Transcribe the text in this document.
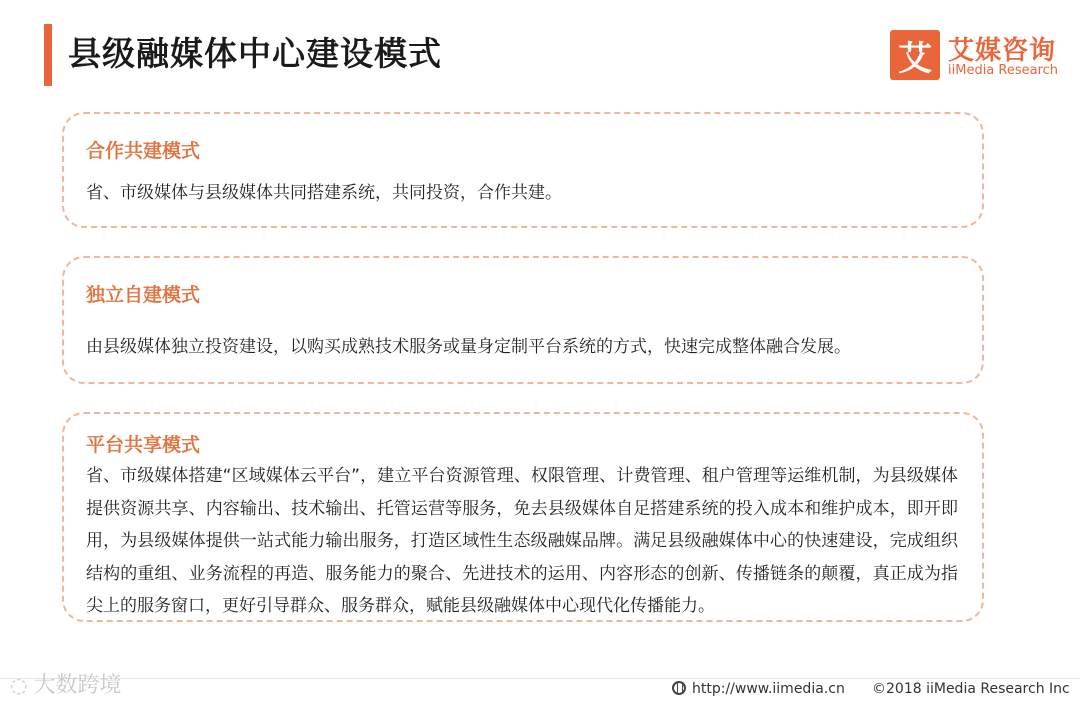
县级融媒体中心建设模式	艾 艾媒咨询
iiMedia Research
合作共建模式
省、市级媒体与县级媒体共同搭建系统，共同投资，合作共建。
独立自建模式
由县级媒体独立投资建设，以购买成熟技术服务或量身定制平台系统的方式，快速完成整体融合发展。
平台共享模式
省、市级媒体搭建“区域媒体云平台”，建立平台资源管理、权限管理、计费管理、租户管理等运维机制，为县级媒体提供资源共享、内容输出、技术输出、托管运营等服务，免去县级媒体自足搭建系统的投入成本和维护成本，即开即用，为县级媒体提供一站式能力输出服务，打造区域性生态级融媒品牌。满足县级融媒体中心的快速建设，完成组织结构的重组、业务流程的再造、服务能力的聚合、先进技术的运用、内容形态的创新、传播链条的颠覆，真正成为指尖上的服务窗口，更好引导群众、服务群众，赋能县级融媒体中心现代化传播能力。
◌ 大数跨境	http://www.iimedia.cn ©2018 iiMedia Research Inc
